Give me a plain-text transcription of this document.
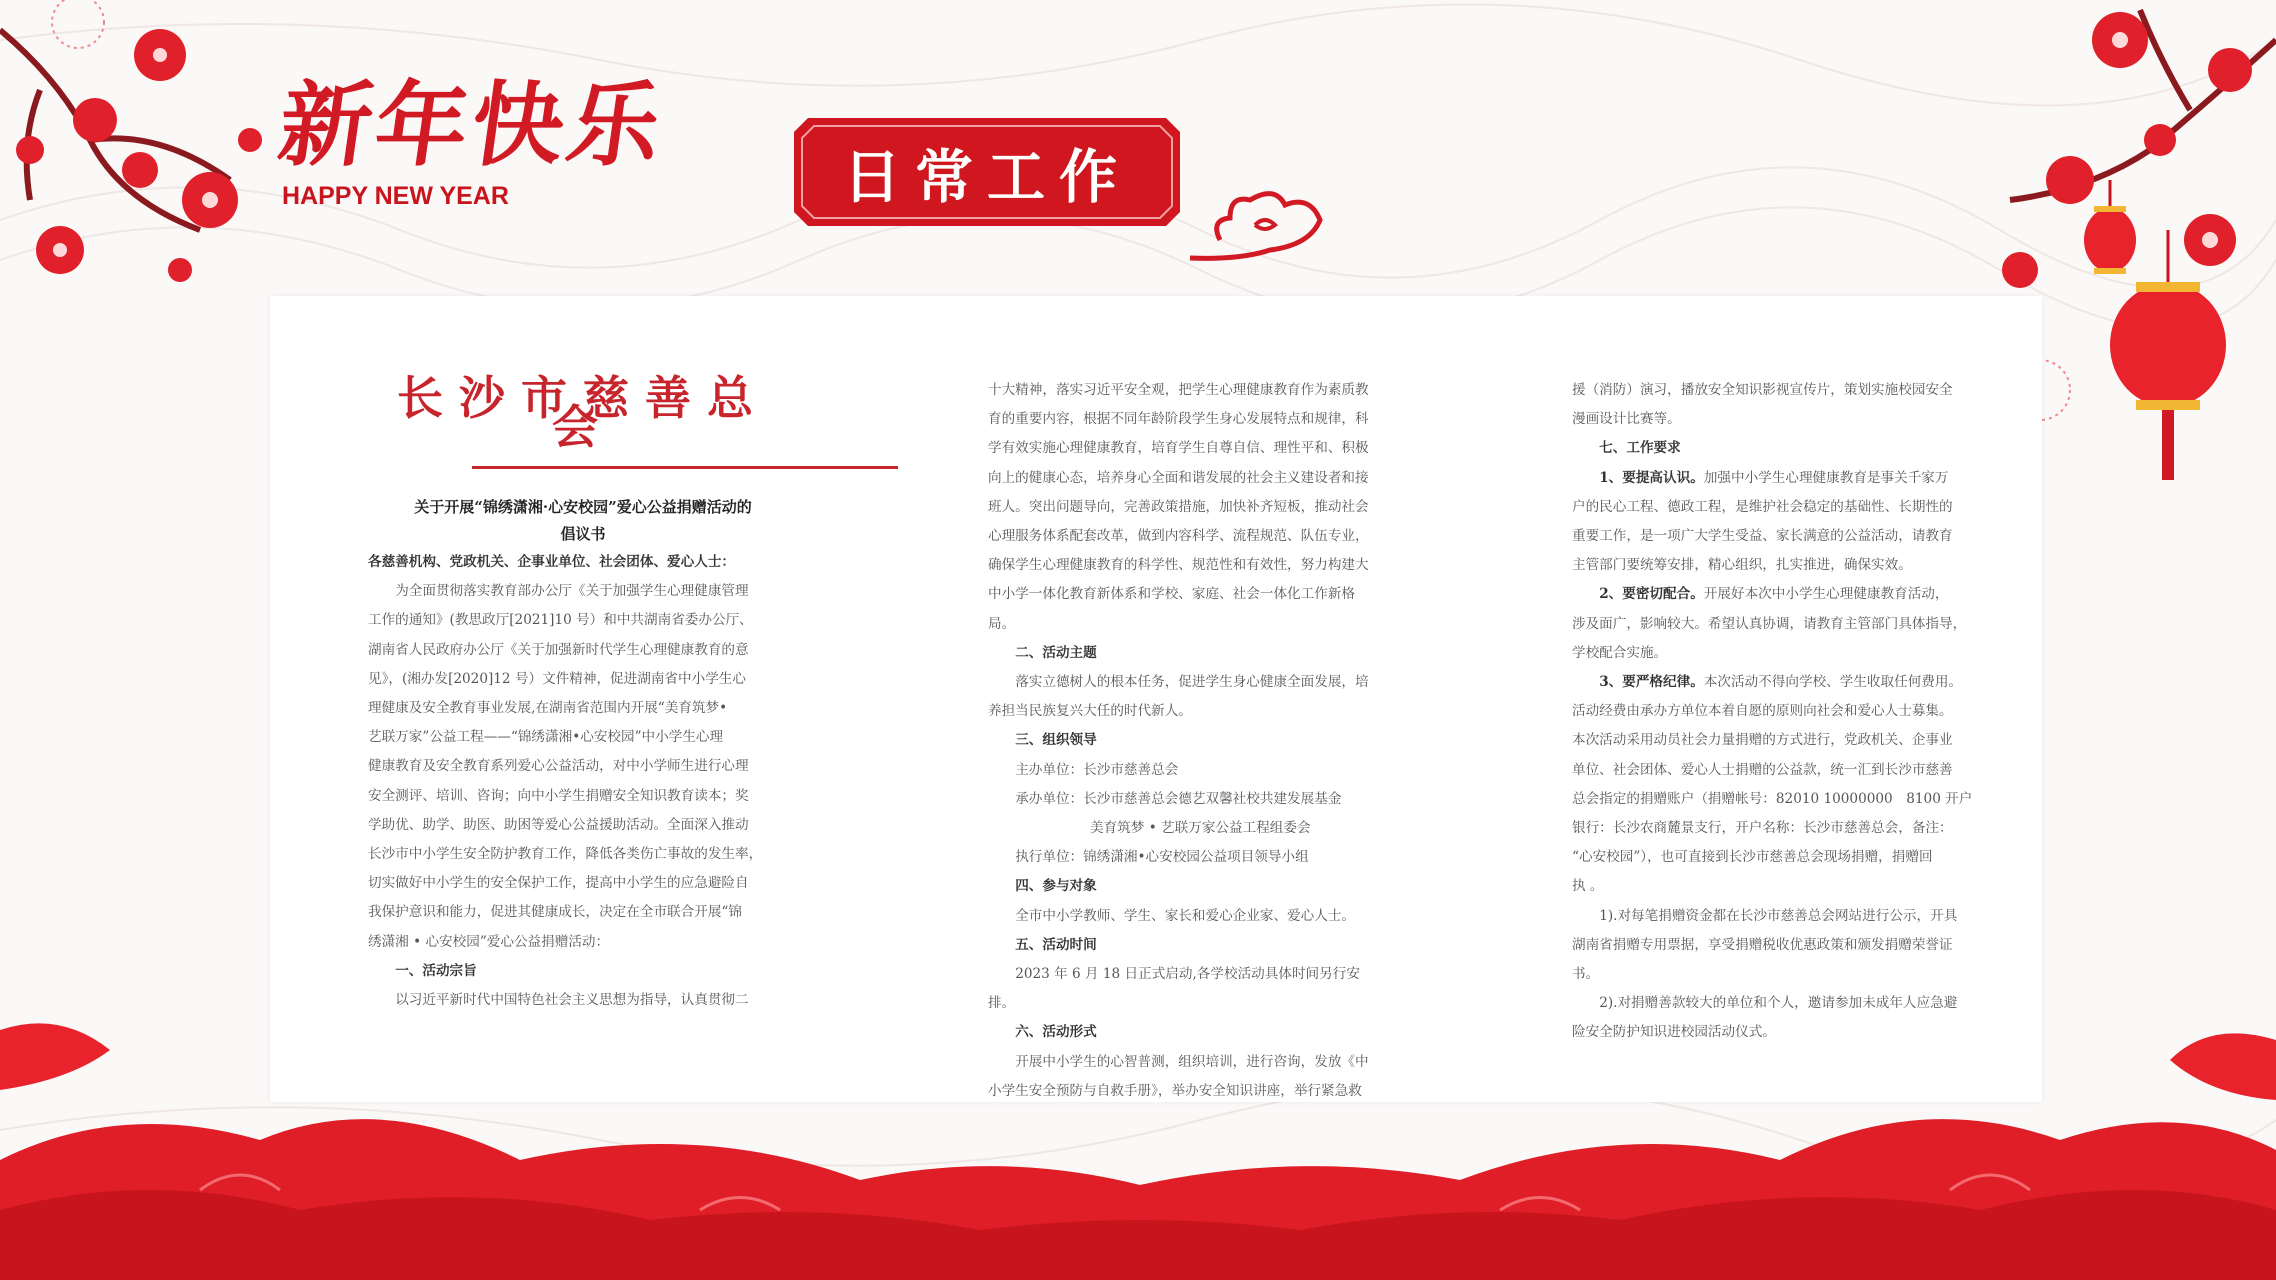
新年快乐
HAPPY NEW YEAR	日常工作
长沙市慈善总会
关于开展“锦绣潇湘·心安校园”爱心公益捐赠活动的
倡议书

各慈善机构、党政机关、企事业单位、社会团体、爱心人士：

为全面贯彻落实教育部办公厅《关于加强学生心理健康管理

工作的通知》(教思政厅[2021]10 号）和中共湖南省委办公厅、

湖南省人民政府办公厅《关于加强新时代学生心理健康教育的意

见》，(湘办发[2020]12 号）文件精神，促进湖南省中小学生心

理健康及安全教育事业发展,在湖南省范围内开展“美育筑梦•

艺联万家”公益工程——“锦绣潇湘•心安校园”中小学生心理

健康教育及安全教育系列爱心公益活动，对中小学师生进行心理

安全测评、培训、咨询；向中小学生捐赠安全知识教育读本；奖

学助优、助学、助医、助困等爱心公益援助活动。全面深入推动

长沙市中小学生安全防护教育工作，降低各类伤亡事故的发生率，

切实做好中小学生的安全保护工作，提高中小学生的应急避险自

我保护意识和能力，促进其健康成长，决定在全市联合开展“锦

绣潇湘 • 心安校园”爱心公益捐赠活动：

一、活动宗旨

以习近平新时代中国特色社会主义思想为指导，认真贯彻二

十大精神，落实习近平安全观，把学生心理健康教育作为素质教

育的重要内容，根据不同年龄阶段学生身心发展特点和规律，科

学有效实施心理健康教育，培育学生自尊自信、理性平和、积极

向上的健康心态，培养身心全面和谐发展的社会主义建设者和接

班人。突出问题导向，完善政策措施，加快补齐短板，推动社会

心理服务体系配套改革，做到内容科学、流程规范、队伍专业，

确保学生心理健康教育的科学性、规范性和有效性，努力构建大

中小学一体化教育新体系和学校、家庭、社会一体化工作新格局。

二、活动主题

落实立德树人的根本任务，促进学生身心健康全面发展，培

养担当民族复兴大任的时代新人。

三、组织领导

主办单位：长沙市慈善总会

承办单位：长沙市慈善总会德艺双馨社校共建发展基金

美育筑梦 • 艺联万家公益工程组委会

执行单位：锦绣潇湘•心安校园公益项目领导小组

四、参与对象

全市中小学教师、学生、家长和爱心企业家、爱心人士。

五、活动时间

2023 年 6 月 18 日正式启动,各学校活动具体时间另行安排。

六、活动形式

开展中小学生的心智普测，组织培训，进行咨询，发放《中

小学生安全预防与自救手册》，举办安全知识讲座，举行紧急救

援（消防）演习，播放安全知识影视宣传片，策划实施校园安全

漫画设计比赛等。

七、工作要求

1、要提高认识。加强中小学生心理健康教育是事关千家万

户的民心工程、德政工程，是维护社会稳定的基础性、长期性的

重要工作，是一项广大学生受益、家长满意的公益活动，请教育

主管部门要统筹安排，精心组织，扎实推进，确保实效。

2、要密切配合。开展好本次中小学生心理健康教育活动，

涉及面广，影响较大。希望认真协调，请教育主管部门具体指导，

学校配合实施。

3、要严格纪律。本次活动不得向学校、学生收取任何费用。

活动经费由承办方单位本着自愿的原则向社会和爱心人士募集。

本次活动采用动员社会力量捐赠的方式进行，党政机关、企事业

单位、社会团体、爱心人士捐赠的公益款，统一汇到长沙市慈善

总会指定的捐赠账户（捐赠帐号：82010 10000000　8100 开户

银行：长沙农商麓景支行，开户名称：长沙市慈善总会，备注：

“心安校园”），也可直接到长沙市慈善总会现场捐赠，捐赠回

执 。

1).对每笔捐赠资金都在长沙市慈善总会网站进行公示，开具

湖南省捐赠专用票据，享受捐赠税收优惠政策和颁发捐赠荣誉证

书。

2).对捐赠善款较大的单位和个人，邀请参加未成年人应急避

险安全防护知识进校园活动仪式。
